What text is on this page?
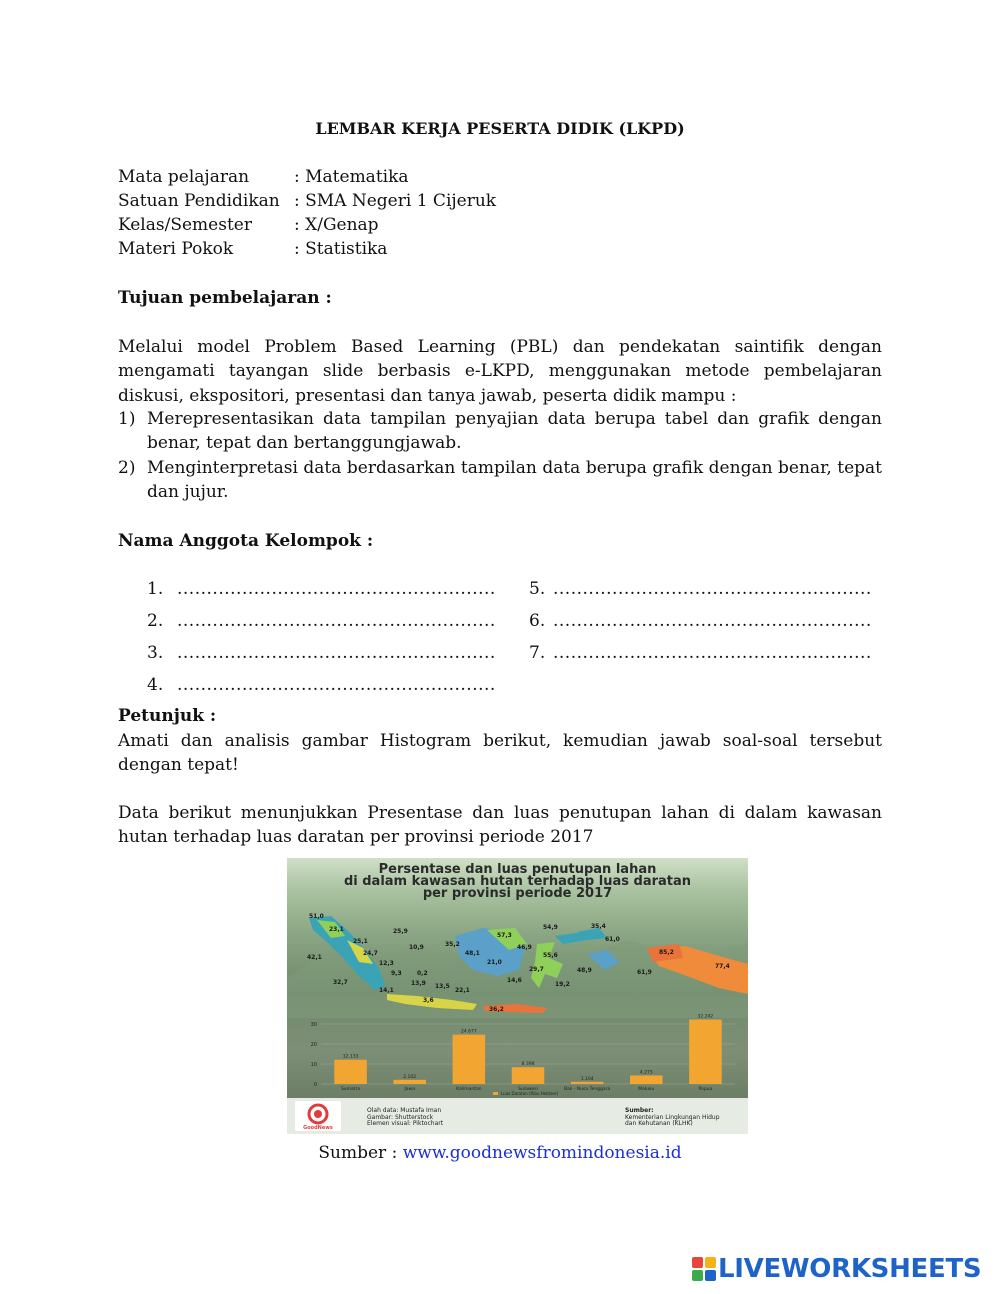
LEMBAR KERJA PESERTA DIDIK (LKPD)
Mata pelajaran	: Matematika
Satuan Pendidikan : SMA Negeri 1 Cijeruk
Kelas/Semester : X/Genap
Materi Pokok	: Statistika
Tujuan pembelajaran :
Melalui model Problem Based Learning (PBL) dan pendekatan saintifik dengan mengamati tayangan slide berbasis e-LKPD, menggunakan metode pembelajaran diskusi, ekspositori, presentasi dan tanya jawab, peserta didik mampu :
1) Merepresentasikan data tampilan penyajian data berupa tabel dan grafik dengan benar, tepat dan bertanggungjawab.
2) Menginterpretasi data berdasarkan tampilan data berupa grafik dengan benar, tepat dan jujur.
Nama Anggota Kelompok :
1. ......................................................
2. ......................................................
3. ......................................................
4. ......................................................
5. ......................................................
6. ......................................................
7. ......................................................
Petunjuk :
Amati dan analisis gambar Histogram berikut, kemudian jawab soal-soal tersebut dengan tepat!
Data berikut menunjukkan Presentase dan luas penutupan lahan di dalam kawasan hutan terhadap luas daratan per provinsi periode 2017
Persentase dan luas penutupan lahan
di dalam kawasan hutan terhadap luas daratan
per provinsi periode 2017
51,0
23,1	25,9
25,1
10,9	35,2
57,3
54,9	35,4
61,0
42,1
24,7	48,1
46,9
55,6	85,2
12,3
9,3	0,2
21,0
29,7	48,9	61,9
77,4
32,7
14,1
13,9 13,5
22,1
14,6
19,2
3,6
36,2
0
10
20
30
12.133
Sumatra
2.102
Jawa
24.677
Kalimantan
8.398
Sulawesi
1.104
Bali - Nusa Tenggara
4.275
Maluku
32.242
Papua
Luas Daratan (Ribu Hektare)
GoodNews
Olah data: Mustafa Iman
Gambar: Shutterstock
Elemen visual: Piktochart
Sumber:
Kementerian Lingkungan Hidup
dan Kehutanan (KLHK)
Sumber : www.goodnewsfromindonesia.id
LIVEWORKSHEETS
